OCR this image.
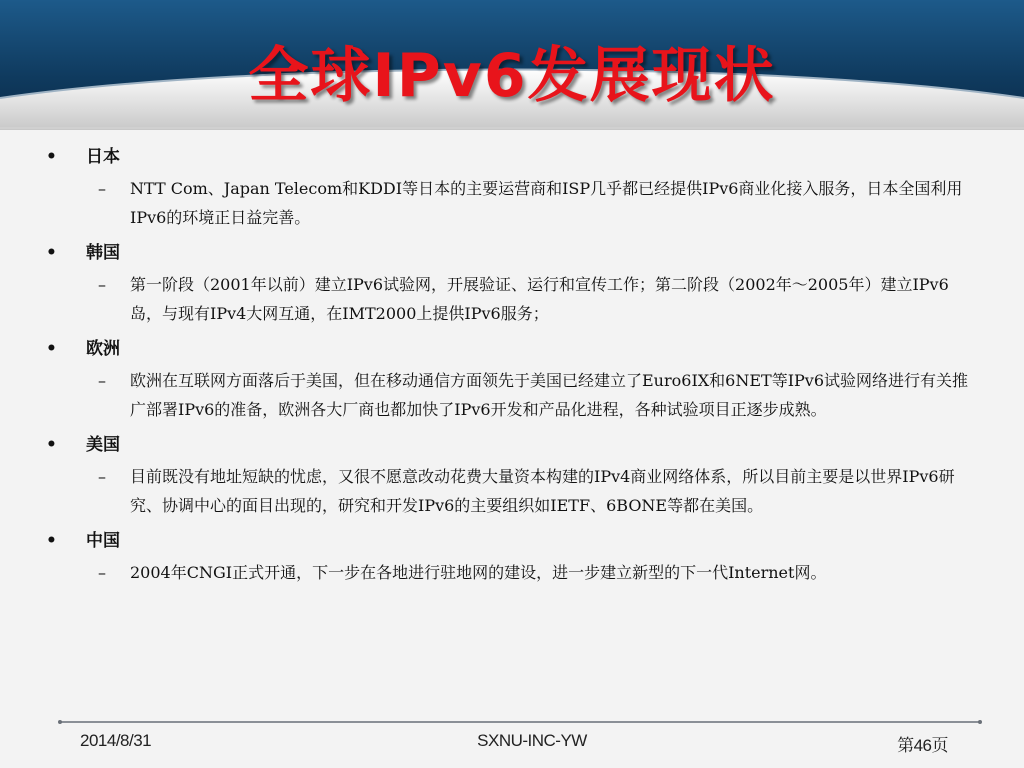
全球IPv6发展现状
•	日本
–	NTT Com、Japan Telecom和KDDI等日本的主要运营商和ISP几乎都已经提供IPv6商业化接入服务，日本全国利用IPv6的环境正日益完善。
•	韩国
–	第一阶段（2001年以前）建立IPv6试验网，开展验证、运行和宣传工作；第二阶段（2002年～2005年）建立IPv6岛，与现有IPv4大网互通，在IMT2000上提供IPv6服务；
•	欧洲
–	欧洲在互联网方面落后于美国，但在移动通信方面领先于美国已经建立了Euro6IX和6NET等IPv6试验网络进行有关推广部署IPv6的准备，欧洲各大厂商也都加快了IPv6开发和产品化进程，各种试验项目正逐步成熟。
•	美国
–	目前既没有地址短缺的忧虑，又很不愿意改动花费大量资本构建的IPv4商业网络体系，所以目前主要是以世界IPv6研究、协调中心的面目出现的，研究和开发IPv6的主要组织如IETF、6BONE等都在美国。
•	中国
–	2004年CNGI正式开通，下一步在各地进行驻地网的建设，进一步建立新型的下一代Internet网。
2014/8/31	SXNU-INC-YW	第46页
